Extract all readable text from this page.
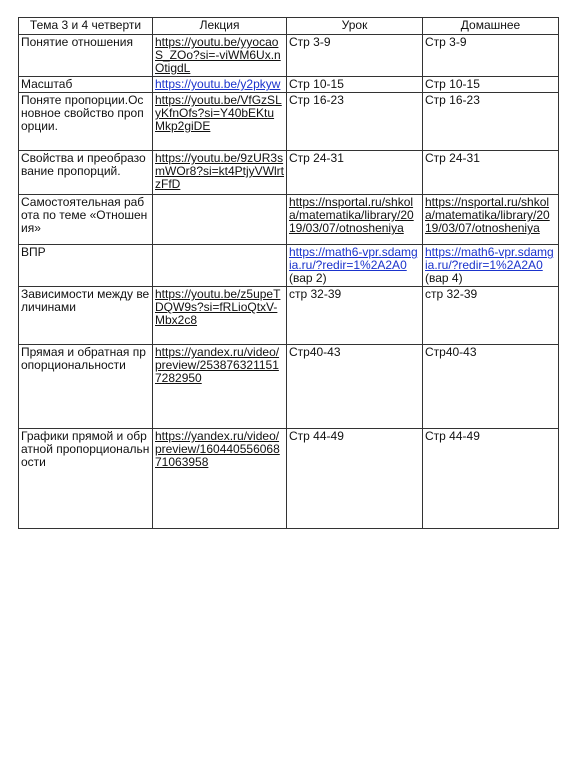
Тема 3 и 4 четверти	Лекция	Урок	Домашнее
Понятие отношения	https://youtu.be/yyocaoS_ZOo?si=-viWM6Ux.nOtigdL	Стр 3-9	Стр 3-9
Масштаб	https://youtu.be/y2pkyw	Стр 10-15	Стр 10-15
Поняте пропорции.Основное свойство пропорции.	https://youtu.be/VfGzSLyKfnOfs?si=Y40bEKtuMkp2giDE	Стр 16-23	Стр 16-23
Свойства и преобразование пропорций.	https://youtu.be/9zUR3smWOr8?si=kt4PtjyVWlrtzFfD	Стр 24-31	Стр 24-31
Самостоятельная работа по теме «Отношения»		https://nsportal.ru/shkola/matematika/library/2019/03/07/otnosheniya	https://nsportal.ru/shkola/matematika/library/2019/03/07/otnosheniya
ВПР		https://math6-vpr.sdamgia.ru/?redir=1%2A2A0 (вар 2)	https://math6-vpr.sdamgia.ru/?redir=1%2A2A0 (вар 4)
Зависимости между величинами	https://youtu.be/z5upeTDQW9s?si=fRLioQtxV-Mbx2c8	стр 32-39	стр 32-39
Прямая и обратная пропорциональности	https://yandex.ru/video/preview/2538763211517282950	Стр40-43	Стр40-43
Графики прямой и обратной пропорциональности	https://yandex.ru/video/preview/16044055606871063958	Стр 44-49	Стр 44-49
